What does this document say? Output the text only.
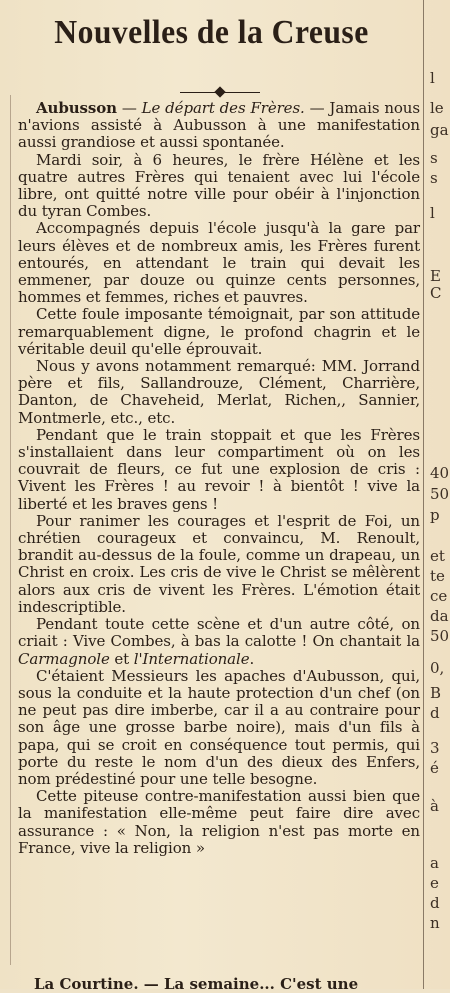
Nouvelles de la Creuse

Aubusson — Le départ des Frères. — Jamais nous n'avions assisté à Aubusson à une manifestation aussi grandiose et aussi spontanée.

Mardi soir, à 6 heures, le frère Hélène et les quatre autres Frères qui tenaient avec lui l'école libre, ont quitté notre ville pour obéir à l'injonction du tyran Combes.

Accompagnés depuis l'école jusqu'à la gare par leurs élèves et de nombreux amis, les Frères furent entourés, en attendant le train qui devait les emmener, par douze ou quinze cents personnes, hommes et femmes, riches et pauvres.

Cette foule imposante témoignait, par son attitude remarquablement digne, le profond chagrin et le véritable deuil qu'elle éprouvait.

Nous y avons notamment remarqué: MM. Jorrand père et fils, Sallandrouze, Clément, Charrière, Danton, de Chaveheid, Merlat, Richen,, Sannier, Montmerle, etc., etc.

Pendant que le train stoppait et que les Frères s'installaient dans leur compartiment où on les couvrait de fleurs, ce fut une explosion de cris : Vivent les Frères ! au revoir ! à bientôt ! vive la liberté et les braves gens !

Pour ranimer les courages et l'esprit de Foi, un chrétien courageux et convaincu, M. Renoult, brandit au-dessus de la foule, comme un drapeau, un Christ en croix. Les cris de vive le Christ se mêlèrent alors aux cris de vivent les Frères. L'émotion était indescriptible.

Pendant toute cette scène et d'un autre côté, on criait : Vive Combes, à bas la calotte ! On chantait la Carmagnole et l'Internationale.

C'étaient Messieurs les apaches d'Aubusson, qui, sous la conduite et la haute protection d'un chef (on ne peut pas dire imberbe, car il a au contraire pour son âge une grosse barbe noire), mais d'un fils à papa, qui se croit en conséquence tout permis, qui porte du reste le nom d'un des dieux des Enfers, nom prédestiné pour une telle besogne.

Cette piteuse contre-manifestation aussi bien que la manifestation elle-même peut faire dire avec assurance : « Non, la religion n'est pas morte en France, vive la religion »

La Courtine. — La semaine... C'est une
l
le
ga
s
s
l
E
C
40
50
p
et
te
ce
da
50
0,
B
d
3
é
à
a
e
d
n
